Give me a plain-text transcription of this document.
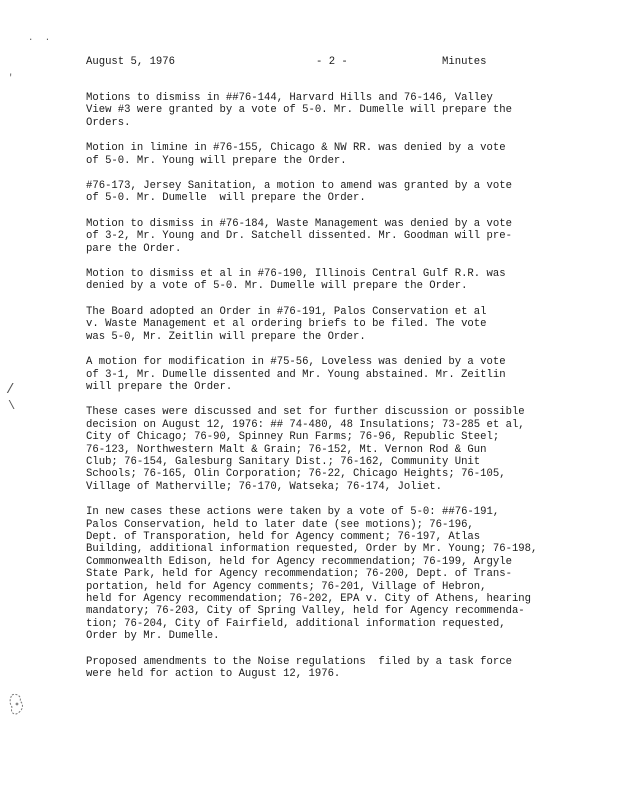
· ·
'
/
\

August 5, 1976

	- 2 -

	Minutes

Motions to dismiss in ##76-144, Harvard Hills and 76-146, Valley
View #3 were granted by a vote of 5-0. Mr. Dumelle will prepare the
Orders.

Motion in limine in #76-155, Chicago & NW RR. was denied by a vote
of 5-0. Mr. Young will prepare the Order.

#76-173, Jersey Sanitation, a motion to amend was granted by a vote
of 5-0. Mr. Dumelle  will prepare the Order.

Motion to dismiss in #76-184, Waste Management was denied by a vote
of 3-2, Mr. Young and Dr. Satchell dissented. Mr. Goodman will pre-
pare the Order.

Motion to dismiss et al in #76-190, Illinois Central Gulf R.R. was
denied by a vote of 5-0. Mr. Dumelle will prepare the Order.

The Board adopted an Order in #76-191, Palos Conservation et al
v. Waste Management et al ordering briefs to be filed. The vote
was 5-0, Mr. Zeitlin will prepare the Order.

A motion for modification in #75-56, Loveless was denied by a vote
of 3-1, Mr. Dumelle dissented and Mr. Young abstained. Mr. Zeitlin
will prepare the Order.

These cases were discussed and set for further discussion or possible
decision on August 12, 1976: ## 74-480, 48 Insulations; 73-285 et al,
City of Chicago; 76-90, Spinney Run Farms; 76-96, Republic Steel;
76-123, Northwestern Malt & Grain; 76-152, Mt. Vernon Rod & Gun
Club; 76-154, Galesburg Sanitary Dist.; 76-162, Community Unit
Schools; 76-165, Olin Corporation; 76-22, Chicago Heights; 76-105,
Village of Matherville; 76-170, Watseka; 76-174, Joliet.

In new cases these actions were taken by a vote of 5-0: ##76-191,
Palos Conservation, held to later date (see motions); 76-196,
Dept. of Transporation, held for Agency comment; 76-197, Atlas
Building, additional information requested, Order by Mr. Young; 76-198,
Commonwealth Edison, held for Agency recommendation; 76-199, Argyle
State Park, held for Agency recommendation; 76-200, Dept. of Trans-
portation, held for Agency comments; 76-201, Village of Hebron,
held for Agency recommendation; 76-202, EPA v. City of Athens, hearing
mandatory; 76-203, City of Spring Valley, held for Agency recommenda-
tion; 76-204, City of Fairfield, additional information requested,
Order by Mr. Dumelle.

Proposed amendments to the Noise regulations  filed by a task force
were held for action to August 12, 1976.
